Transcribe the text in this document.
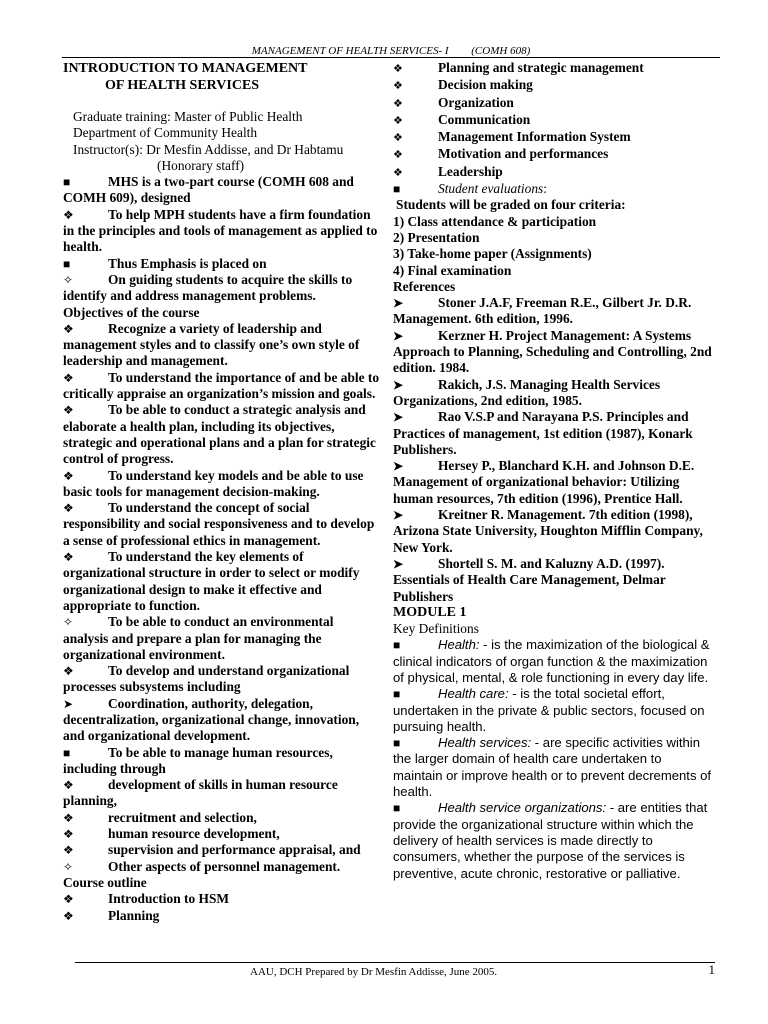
MANAGEMENT OF HEALTH SERVICES- I (COMH 608)
INTRODUCTION TO MANAGEMENT
OF HEALTH SERVICES
Graduate training: Master of Public Health
Department of Community Health
Instructor(s): Dr Mesfin Addisse, and Dr Habtamu
(Honorary staff)

■	MHS is a two-part course (COMH 608 and COMH 609), designed

❖	To help MPH students have a firm foundation in the principles and tools of management as applied to health.

■	Thus Emphasis is placed on

✧	On guiding students to acquire the skills to identify and address management problems.

Objectives of the course

❖	Recognize a variety of leadership and management styles and to classify one’s own style of leadership and management.

❖	To understand the importance of and be able to critically appraise an organization’s mission and goals.

❖	To be able to conduct a strategic analysis and elaborate a health plan, including its objectives, strategic and operational plans and a plan for strategic control of progress.

❖	To understand key models and be able to use basic tools for management decision-making.

❖	To understand the concept of social responsibility and social responsiveness and to develop a sense of professional ethics in management.

❖	To understand the key elements of organizational structure in order to select or modify organizational design to make it effective and appropriate to function.

✧	To be able to conduct an environmental analysis and prepare a plan for managing the organizational environment.

❖	To develop and understand organizational processes subsystems including

➤	Coordination, authority, delegation, decentralization, organizational change, innovation, and organizational development.

■	To be able to manage human resources, including through

❖	development of skills in human resource planning,

❖	recruitment and selection,

❖	human resource development,

❖	supervision and performance appraisal, and

✧	Other aspects of personnel management.

Course outline

❖	Introduction to HSM

❖	Planning

❖	Planning and strategic management

❖	Decision making

❖	Organization

❖	Communication

❖	Management Information System

❖	Motivation and performances

❖	Leadership

■	Student evaluations:

Students will be graded on four criteria:

1) Class attendance & participation

2) Presentation

3) Take-home paper (Assignments)

4) Final examination

References

➤	Stoner J.A.F, Freeman R.E., Gilbert Jr. D.R. Management. 6th edition, 1996.

➤	Kerzner H. Project Management: A Systems Approach to Planning, Scheduling and Controlling, 2nd edition. 1984.

➤	Rakich, J.S. Managing Health Services Organizations, 2nd edition, 1985.

➤	Rao V.S.P and Narayana P.S. Principles and Practices of management, 1st edition (1987), Konark Publishers.

➤	Hersey P., Blanchard K.H. and Johnson D.E. Management of organizational behavior: Utilizing human resources, 7th edition (1996), Prentice Hall.

➤	Kreitner R. Management. 7th edition (1998), Arizona State University, Houghton Mifflin Company, New York.

➤	Shortell S. M. and Kaluzny A.D. (1997). Essentials of Health Care Management, Delmar Publishers

MODULE 1

Key Definitions

■	Health: - is the maximization of the biological & clinical indicators of organ function & the maximization of physical, mental, & role functioning in every day life.

■	Health care: - is the total societal effort, undertaken in the private & public sectors, focused on pursuing health.

■	Health services: - are specific activities within the larger domain of health care undertaken to maintain or improve health or to prevent decrements of health.

■	Health service organizations: - are entities that provide the organizational structure within which the delivery of health services is made directly to consumers, whether the purpose of the services is preventive, acute chronic, restorative or palliative.

AAU, DCH Prepared by Dr Mesfin Addisse, June 2005.	1
